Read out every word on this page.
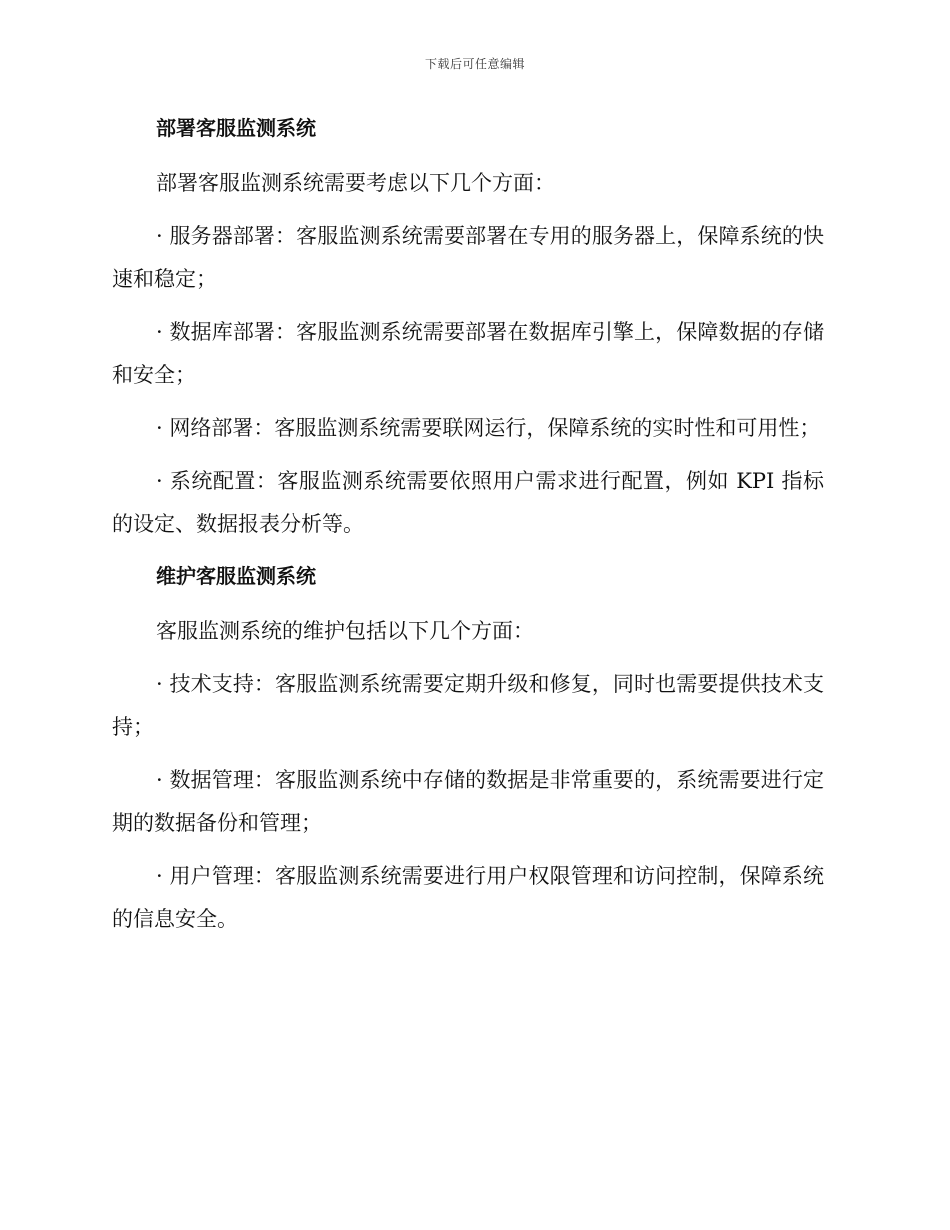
下载后可任意编辑
部署客服监测系统

部署客服监测系统需要考虑以下几个方面：

· 服务器部署：客服监测系统需要部署在专用的服务器上，保障系统的快速和稳定；

· 数据库部署：客服监测系统需要部署在数据库引擎上，保障数据的存储和安全；

· 网络部署：客服监测系统需要联网运行，保障系统的实时性和可用性；

· 系统配置：客服监测系统需要依照用户需求进行配置，例如 KPI 指标的设定、数据报表分析等。

维护客服监测系统

客服监测系统的维护包括以下几个方面：

· 技术支持：客服监测系统需要定期升级和修复，同时也需要提供技术支持；

· 数据管理：客服监测系统中存储的数据是非常重要的，系统需要进行定期的数据备份和管理；

· 用户管理：客服监测系统需要进行用户权限管理和访问控制，保障系统的信息安全。
